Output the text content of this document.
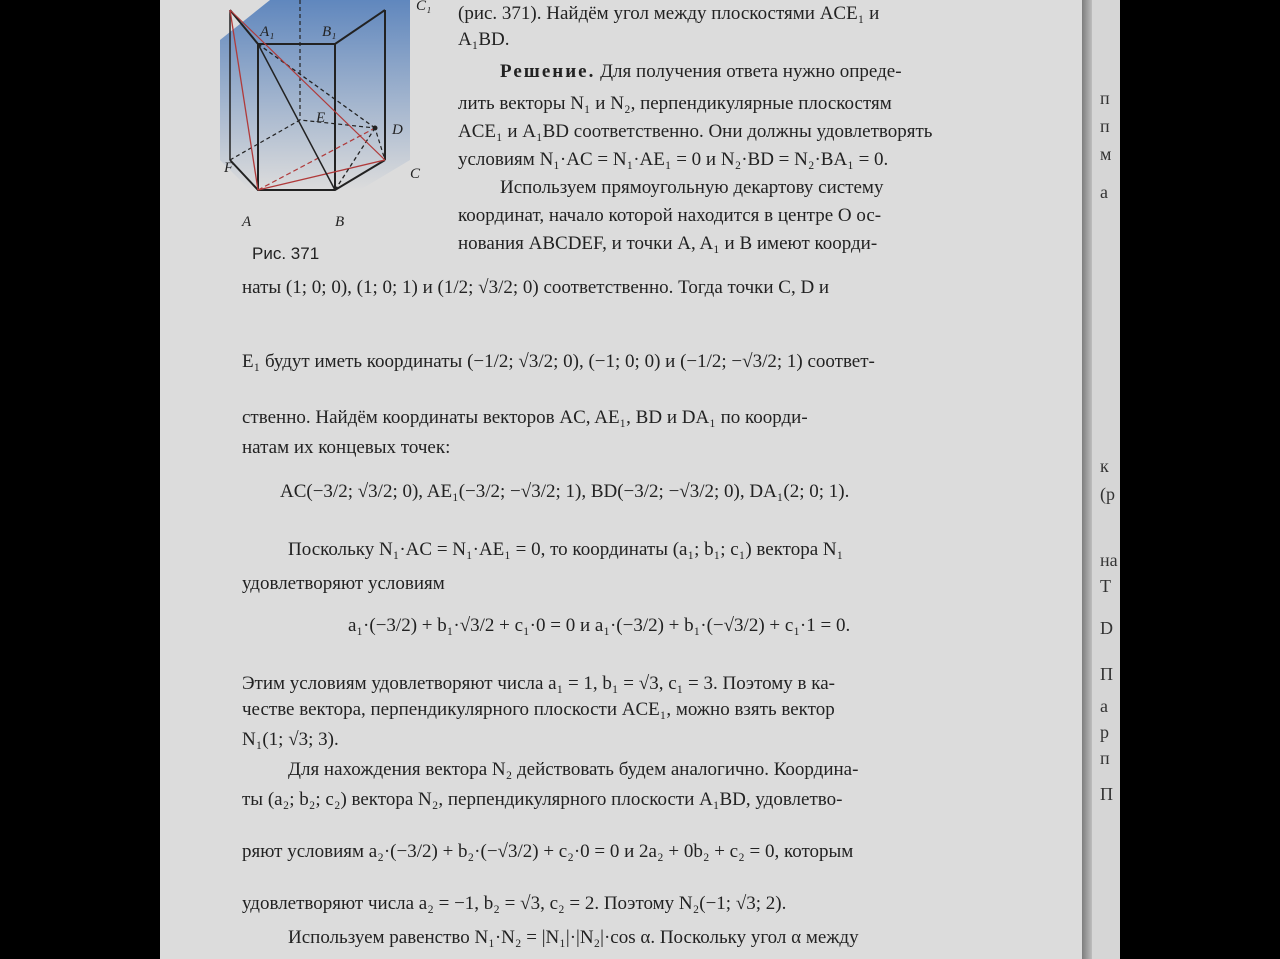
A₁	B₁
C₁
E
D
F	C
A	B
Рис. 371
(рис. 371). Найдём угол между плоскостями ACE₁ и
A₁BD.
Решение. Для получения ответа нужно опреде-
лить векторы N₁ и N₂, перпендикулярные плоскостям
ACE₁ и A₁BD соответственно. Они должны удовлетворять
условиям N₁·AC = N₁·AE₁ = 0 и N₂·BD = N₂·BA₁ = 0.
Используем прямоугольную декартову систему
координат, начало которой находится в центре O ос-
нования ABCDEF, и точки A, A₁ и B имеют коорди-
наты (1; 0; 0), (1; 0; 1) и (1/2; √3/2; 0) соответственно. Тогда точки C, D и
E₁ будут иметь координаты (−1/2; √3/2; 0), (−1; 0; 0) и (−1/2; −√3/2; 1) соответ-
ственно. Найдём координаты векторов AC, AE₁, BD и DA₁ по коорди-
натам их концевых точек:
AC(−3/2; √3/2; 0), AE₁(−3/2; −√3/2; 1), BD(−3/2; −√3/2; 0), DA₁(2; 0; 1).
Поскольку N₁·AC = N₁·AE₁ = 0, то координаты (a₁; b₁; c₁) вектора N₁
удовлетворяют условиям
a₁·(−3/2) + b₁·√3/2 + c₁·0 = 0 и a₁·(−3/2) + b₁·(−√3/2) + c₁·1 = 0.
Этим условиям удовлетворяют числа a₁ = 1, b₁ = √3, c₁ = 3. Поэтому в ка-
честве вектора, перпендикулярного плоскости ACE₁, можно взять вектор
N₁(1; √3; 3).
Для нахождения вектора N₂ действовать будем аналогично. Координа-
ты (a₂; b₂; c₂) вектора N₂, перпендикулярного плоскости A₁BD, удовлетво-
ряют условиям a₂·(−3/2) + b₂·(−√3/2) + c₂·0 = 0 и 2a₂ + 0b₂ + c₂ = 0, которым
удовлетворяют числа a₂ = −1, b₂ = √3, c₂ = 2. Поэтому N₂(−1; √3; 2).
Используем равенство N₁·N₂ = |N₁|·|N₂|·cos α. Поскольку угол α между
п
п
м
а
к
(р
на
Т
D
П
а
р
п
П
